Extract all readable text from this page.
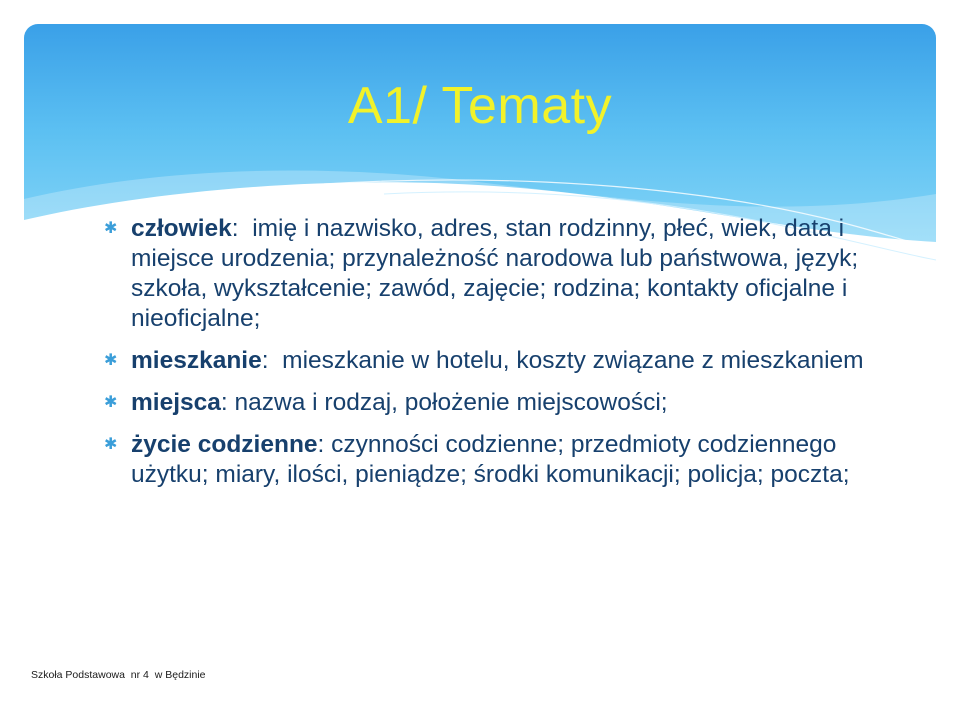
A1/ Tematy
✱ człowiek:  imię i nazwisko, adres, stan rodzinny, płeć, wiek, data i miejsce urodzenia; przynależność narodowa lub państwowa, język; szkoła, wykształcenie; zawód, zajęcie; rodzina; kontakty oficjalne i nieoficjalne;
✱ mieszkanie:  mieszkanie w hotelu, koszty związane z mieszkaniem
✱ miejsca: nazwa i rodzaj, położenie miejscowości;
✱ życie codzienne: czynności codzienne; przedmioty codziennego użytku; miary, ilości, pieniądze; środki komunikacji; policja; poczta;
Szkoła Podstawowa  nr 4  w Będzinie
